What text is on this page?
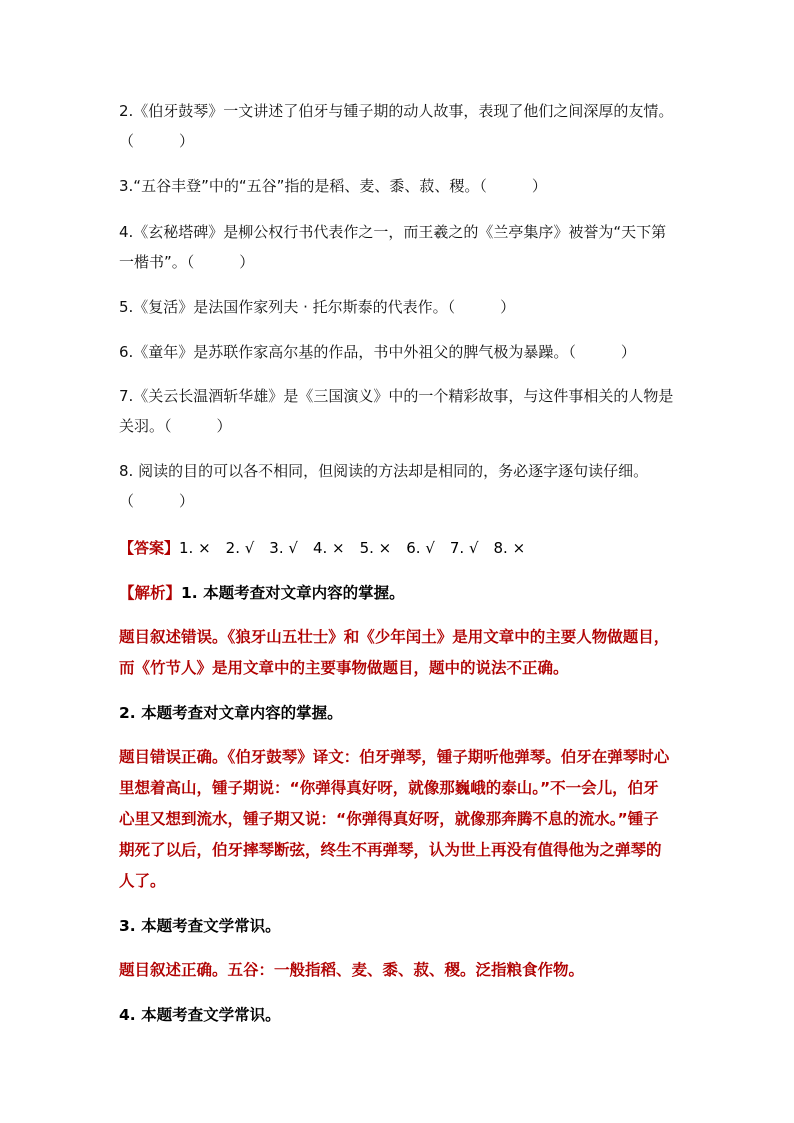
2.《伯牙鼓琴》一文讲述了伯牙与锺子期的动人故事，表现了他们之间深厚的友情。（　　　）
3.“五谷丰登”中的“五谷”指的是稻、麦、黍、菽、稷。（　　　）
4.《玄秘塔碑》是柳公权行书代表作之一，而王羲之的《兰亭集序》被誉为“天下第一楷书”。（　　　）
5.《复活》是法国作家列夫 · 托尔斯泰的代表作。（　　　）
6.《童年》是苏联作家高尔基的作品，书中外祖父的脾气极为暴躁。（　　　）
7.《关云长温酒斩华雄》是《三国演义》中的一个精彩故事，与这件事相关的人物是关羽。（　　　）
8. 阅读的目的可以各不相同，但阅读的方法却是相同的，务必逐字逐句读仔细。（　　　）
【答案】1. ×　2. √　3. √　4. ×　5. ×　6. √　7. √　8. ×
【解析】1. 本题考查对文章内容的掌握。
题目叙述错误。《狼牙山五壮士》和《少年闰土》是用文章中的主要人物做题目，而《竹节人》是用文章中的主要事物做题目，题中的说法不正确。
2. 本题考查对文章内容的掌握。
题目错误正确。《伯牙鼓琴》译文：伯牙弹琴，锺子期听他弹琴。伯牙在弹琴时心里想着高山，锺子期说：“你弹得真好呀，就像那巍峨的泰山。”不一会儿，伯牙心里又想到流水，锺子期又说：“你弹得真好呀，就像那奔腾不息的流水。”锺子期死了以后，伯牙摔琴断弦，终生不再弹琴，认为世上再没有值得他为之弹琴的人了。
3. 本题考查文学常识。
题目叙述正确。五谷：一般指稻、麦、黍、菽、稷。泛指粮食作物。
4. 本题考查文学常识。
